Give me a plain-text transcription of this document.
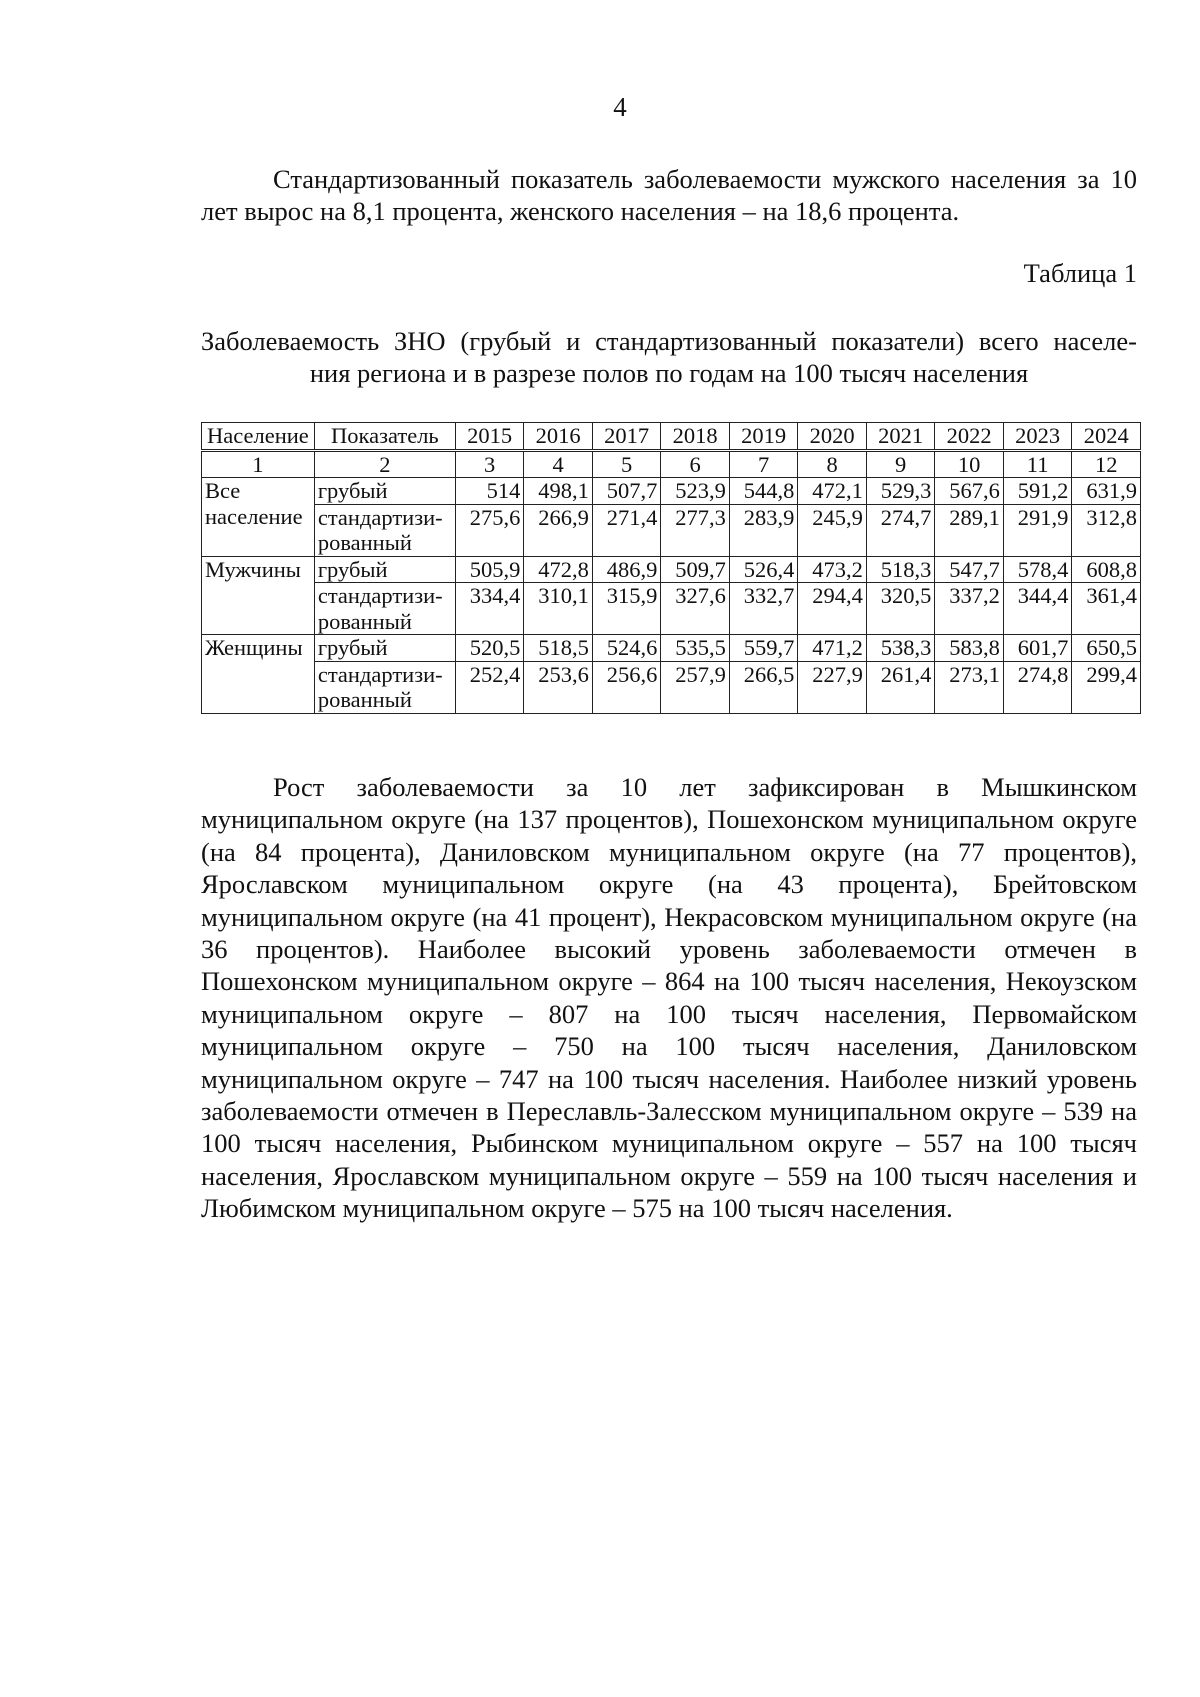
4

Стандартизованный показатель заболеваемости мужского населения за 10 лет вырос на 8,1 процента, женского населения – на 18,6 процента.

Таблица 1
Заболеваемость ЗНО (грубый и стандартизованный показатели) всего населе-
ния региона и в разрезе полов по годам на 100 тысяч населения
Население	Показатель	2015	2016	2017	2018	2019	2020	2021	2022	2023	2024
1	2	3	4	5	6	7	8	9	10	11	12
Все население	грубый	514	498,1	507,7	523,9	544,8	472,1	529,3	567,6	591,2	631,9
	стандартизи-рованный	275,6	266,9	271,4	277,3	283,9	245,9	274,7	289,1	291,9	312,8
Мужчины	грубый	505,9	472,8	486,9	509,7	526,4	473,2	518,3	547,7	578,4	608,8
	стандартизи-рованный	334,4	310,1	315,9	327,6	332,7	294,4	320,5	337,2	344,4	361,4
Женщины	грубый	520,5	518,5	524,6	535,5	559,7	471,2	538,3	583,8	601,7	650,5
	стандартизи-рованный	252,4	253,6	256,6	257,9	266,5	227,9	261,4	273,1	274,8	299,4

Рост заболеваемости за 10 лет зафиксирован в Мышкинском муниципальном округе (на 137 процентов), Пошехонском муниципальном округе (на 84 процента), Даниловском муниципальном округе (на 77 процентов), Ярославском муниципальном округе (на 43 процента), Брейтовском муниципальном округе (на 41 процент), Некрасовском муниципальном округе (на 36 процентов). Наиболее высокий уровень заболеваемости отмечен в Пошехонском муниципальном округе – 864 на 100 тысяч населения, Некоузском муниципальном округе – 807 на 100 тысяч населения, Первомайском муниципальном округе – 750 на 100 тысяч населения, Даниловском муниципальном округе – 747 на 100 тысяч населения. Наиболее низкий уровень заболеваемости отмечен в Переславль-Залесском муниципальном округе – 539 на 100 тысяч населения, Рыбинском муниципальном округе – 557 на 100 тысяч населения, Ярославском муниципальном округе – 559 на 100 тысяч населения и Любимском муниципальном округе – 575 на 100 тысяч населения.
